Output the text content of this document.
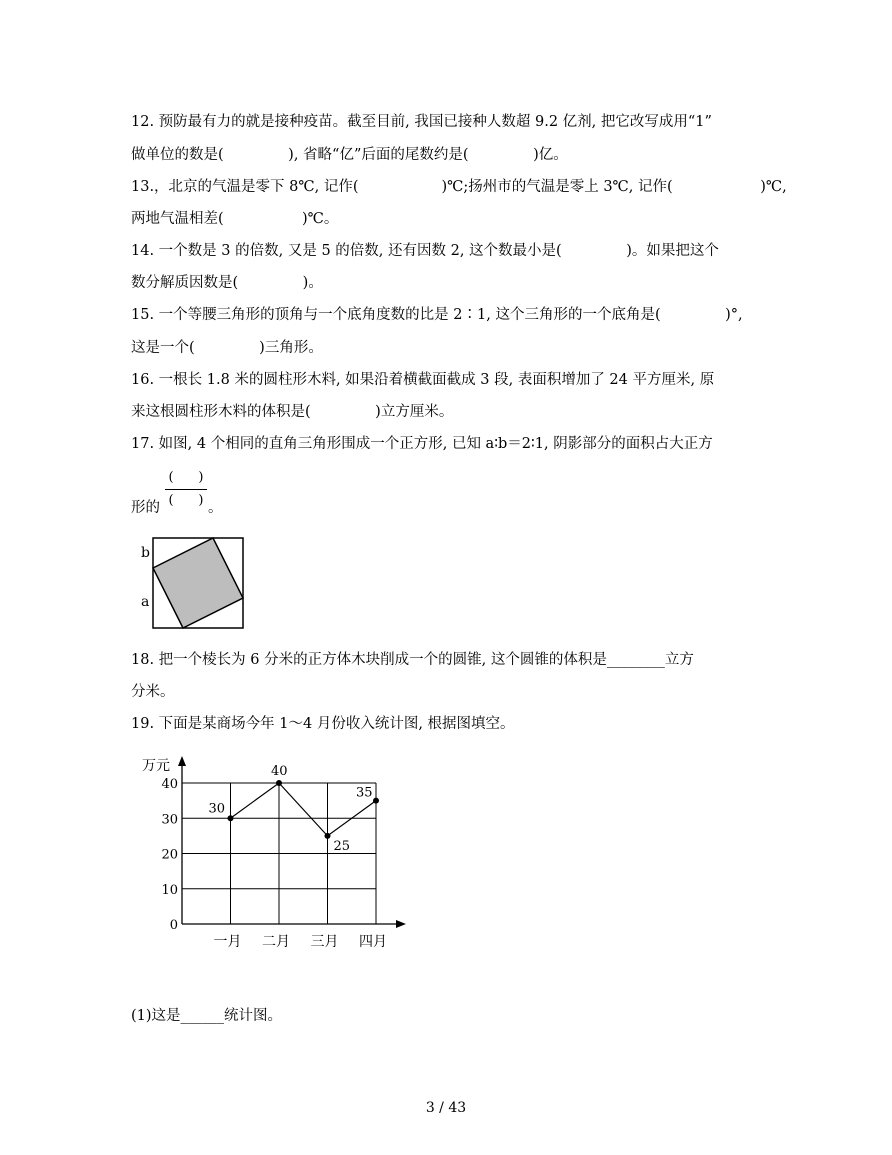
12. 预防最有力的就是接种疫苗。截至目前, 我国已接种人数超 9.2 亿剂, 把它改写成用“1”
做单位的数是(              ), 省略“亿”后面的尾数约是(              )亿。
13.，北京的气温是零下 8℃, 记作(                  )℃;扬州市的气温是零上 3℃, 记作(                   )℃,
两地气温相差(                 )℃。
14. 一个数是 3 的倍数, 又是 5 的倍数, 还有因数 2, 这个数最小是(              )。如果把这个
数分解质因数是(              )。
15. 一个等腰三角形的顶角与一个底角度数的比是 2∶1, 这个三角形的一个底角是(              )°,
这是一个(              )三角形。
16. 一根长 1.8 米的圆柱形木料, 如果沿着横截面截成 3 段, 表面积增加了 24 平方厘米, 原
来这根圆柱形木料的体积是(              )立方厘米。
17. 如图, 4 个相同的直角三角形围成一个正方形, 已知 a∶b＝2∶1, 阴影部分的面积占大正方
形的
(      )
(      ) 。
b
a
18. 把一个棱长为 6 分米的正方体木块削成一个的圆锥, 这个圆锥的体积是________立方
分米。
19. 下面是某商场今年 1～4 月份收入统计图, 根据图填空。
0
10
20
30
40
一月 二月 三月 四月
30
40
25
35
万元
(1)这是______统计图。
3 / 43
